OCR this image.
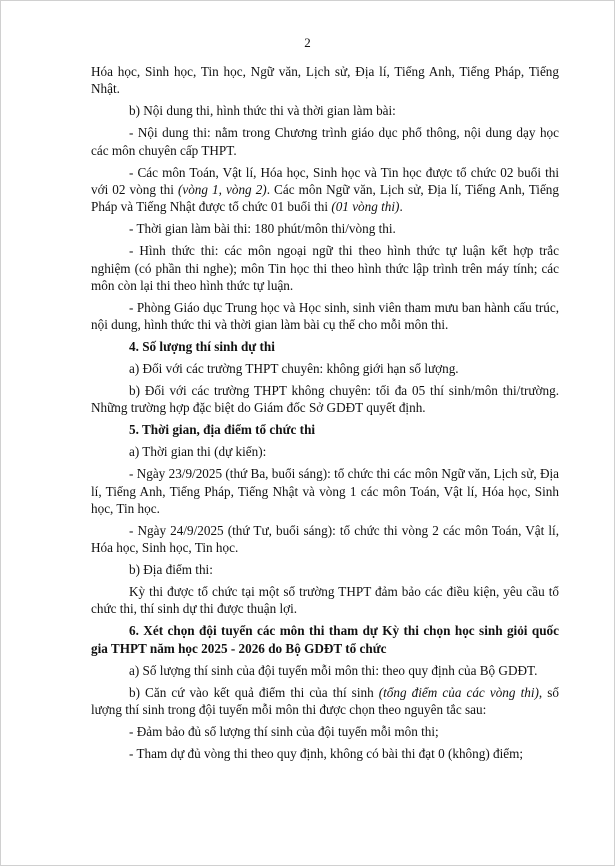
2

Hóa học, Sinh học, Tin học, Ngữ văn, Lịch sử, Địa lí, Tiếng Anh, Tiếng Pháp, Tiếng Nhật.

b) Nội dung thi, hình thức thi và thời gian làm bài:

- Nội dung thi: nằm trong Chương trình giáo dục phổ thông, nội dung dạy học các môn chuyên cấp THPT.

- Các môn Toán, Vật lí, Hóa học, Sinh học và Tin học được tổ chức 02 buổi thi với 02 vòng thi (vòng 1, vòng 2). Các môn Ngữ văn, Lịch sử, Địa lí, Tiếng Anh, Tiếng Pháp và Tiếng Nhật được tổ chức 01 buổi thi (01 vòng thi).

- Thời gian làm bài thi: 180 phút/môn thi/vòng thi.

- Hình thức thi: các môn ngoại ngữ thi theo hình thức tự luận kết hợp trắc nghiệm (có phần thi nghe); môn Tin học thi theo hình thức lập trình trên máy tính; các môn còn lại thi theo hình thức tự luận.

- Phòng Giáo dục Trung học và Học sinh, sinh viên tham mưu ban hành cấu trúc, nội dung, hình thức thi và thời gian làm bài cụ thể cho mỗi môn thi.

4. Số lượng thí sinh dự thi

a) Đối với các trường THPT chuyên: không giới hạn số lượng.

b) Đối với các trường THPT không chuyên: tối đa 05 thí sinh/môn thi/trường. Những trường hợp đặc biệt do Giám đốc Sở GDĐT quyết định.

5. Thời gian, địa điểm tổ chức thi

a) Thời gian thi (dự kiến):

- Ngày 23/9/2025 (thứ Ba, buổi sáng): tổ chức thi các môn Ngữ văn, Lịch sử, Địa lí, Tiếng Anh, Tiếng Pháp, Tiếng Nhật và vòng 1 các môn Toán, Vật lí, Hóa học, Sinh học, Tin học.

- Ngày 24/9/2025 (thứ Tư, buổi sáng): tổ chức thi vòng 2 các môn Toán, Vật lí, Hóa học, Sinh học, Tin học.

b) Địa điểm thi:

Kỳ thi được tổ chức tại một số trường THPT đảm bảo các điều kiện, yêu cầu tổ chức thi, thí sinh dự thi được thuận lợi.

6. Xét chọn đội tuyển các môn thi tham dự Kỳ thi chọn học sinh giỏi quốc gia THPT năm học 2025 - 2026 do Bộ GDĐT tổ chức

a) Số lượng thí sinh của đội tuyển mỗi môn thi: theo quy định của Bộ GDĐT.

b) Căn cứ vào kết quả điểm thi của thí sinh (tổng điểm của các vòng thi), số lượng thí sinh trong đội tuyển mỗi môn thi được chọn theo nguyên tắc sau:

- Đảm bảo đủ số lượng thí sinh của đội tuyển mỗi môn thi;

- Tham dự đủ vòng thi theo quy định, không có bài thi đạt 0 (không) điểm;
